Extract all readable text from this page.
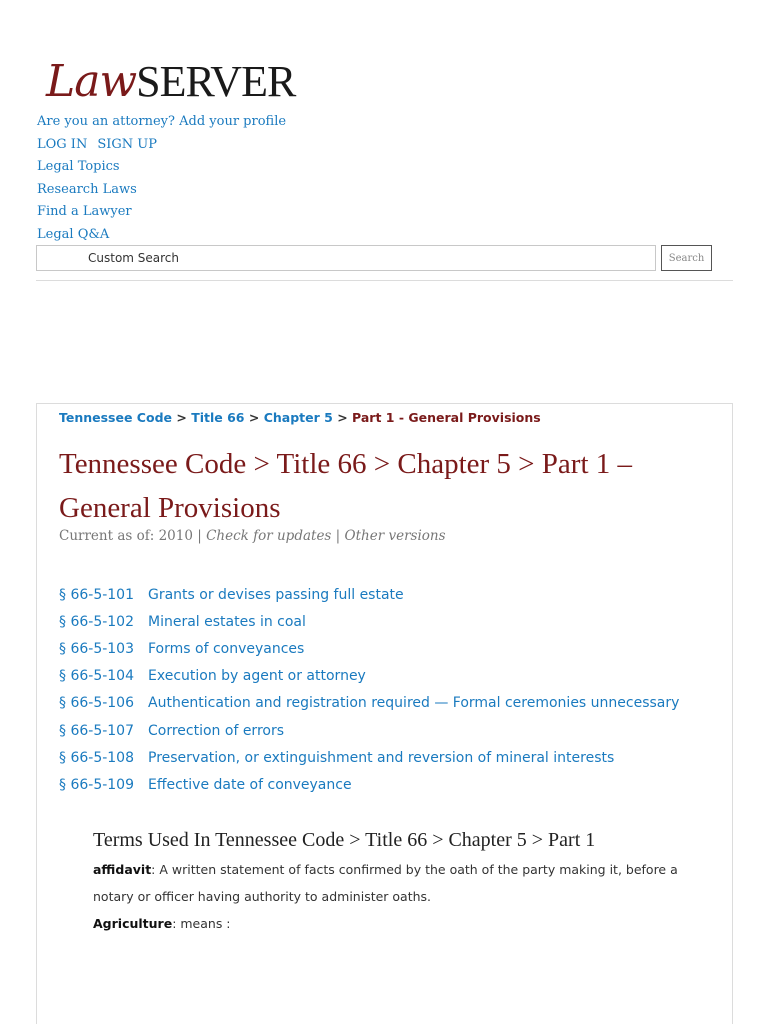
Law SERVER
Are you an attorney? Add your profile
LOG IN SIGN UP
Legal Topics
Research Laws
Find a Lawyer
Legal Q&A
Custom Search
Search
Tennessee Code > Title 66 > Chapter 5 > Part 1 - General Provisions
Tennessee Code > Title 66 > Chapter 5 > Part 1 – General Provisions
Current as of: 2010 | Check for updates | Other versions
§ 66-5-101	Grants or devises passing full estate
§ 66-5-102	Mineral estates in coal
§ 66-5-103	Forms of conveyances
§ 66-5-104	Execution by agent or attorney
§ 66-5-106	Authentication and registration required — Formal ceremonies unnecessary
§ 66-5-107	Correction of errors
§ 66-5-108	Preservation, or extinguishment and reversion of mineral interests
§ 66-5-109	Effective date of conveyance
Terms Used In Tennessee Code > Title 66 > Chapter 5 > Part 1

affidavit: A written statement of facts confirmed by the oath of the party making it, before a notary or officer having authority to administer oaths.

Agriculture: means :
